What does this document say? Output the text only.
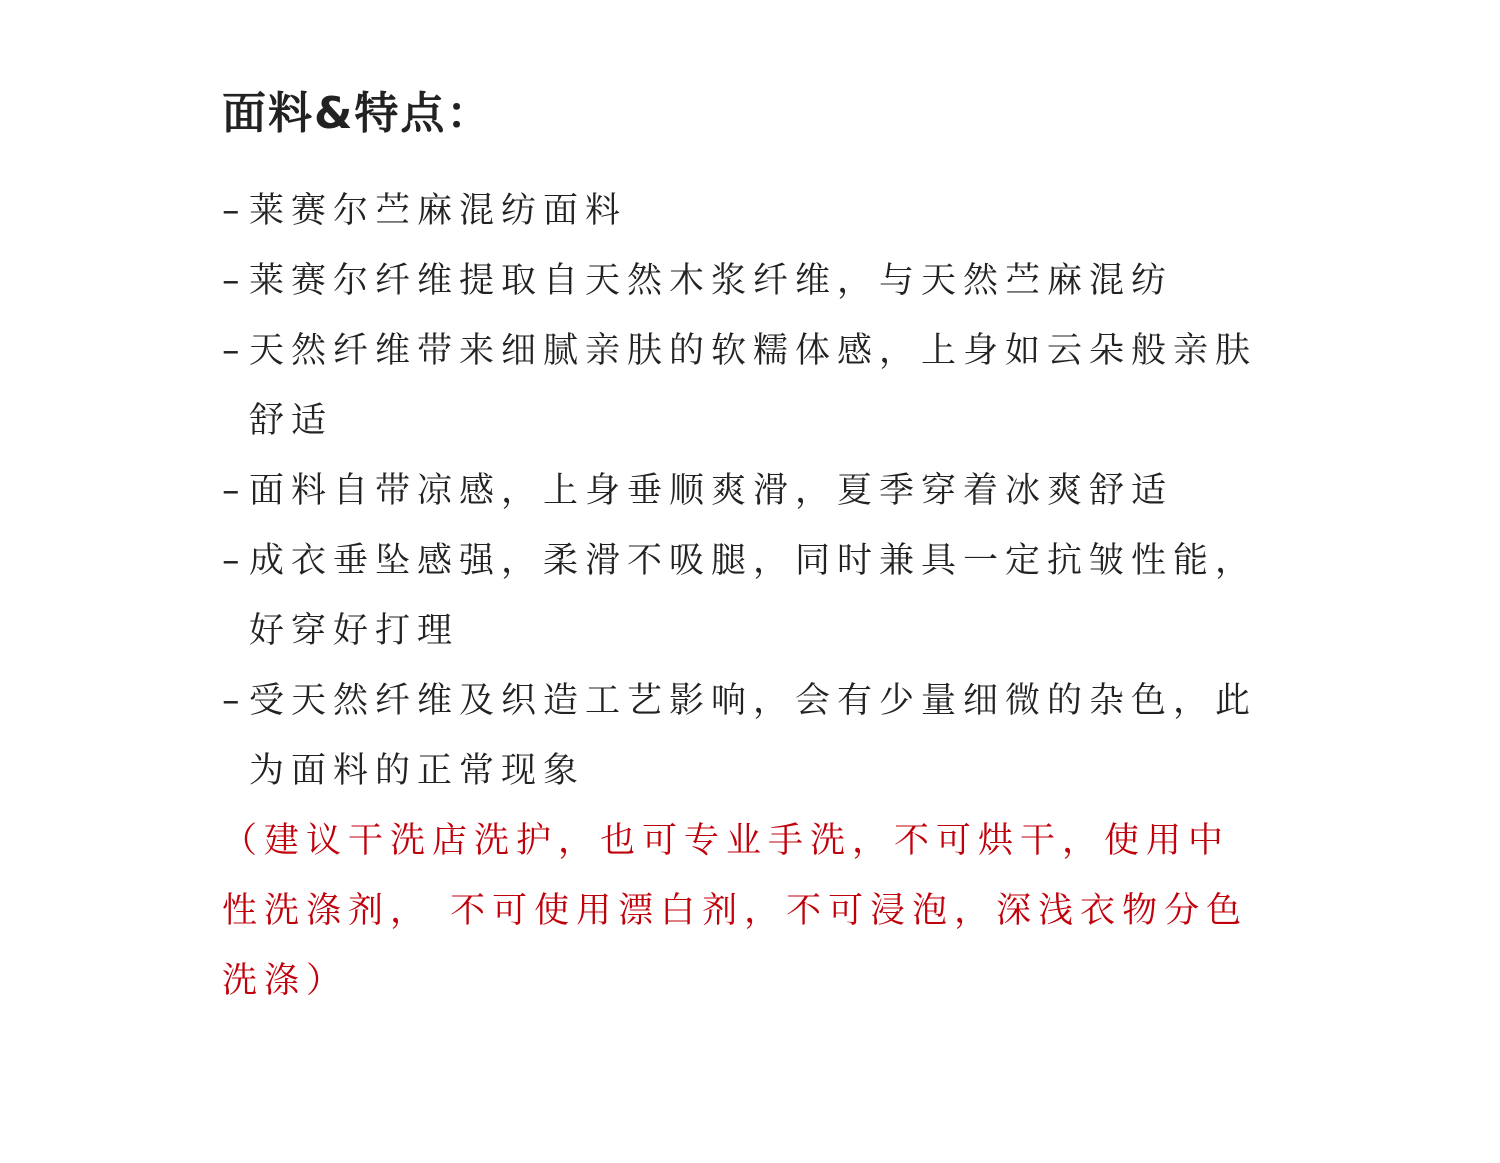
面料&特点：
– 莱赛尔苎麻混纺面料
– 莱赛尔纤维提取自天然木浆纤维，与天然苎麻混纺
– 天然纤维带来细腻亲肤的软糯体感，上身如云朵般亲肤舒适
– 面料自带凉感，上身垂顺爽滑，夏季穿着冰爽舒适
– 成衣垂坠感强，柔滑不吸腿，同时兼具一定抗皱性能，好穿好打理
– 受天然纤维及织造工艺影响，会有少量细微的杂色，此为面料的正常现象

（建议干洗店洗护，也可专业手洗，不可烘干，使用中性洗涤剂， 不可使用漂白剂，不可浸泡，深浅衣物分色洗涤）
